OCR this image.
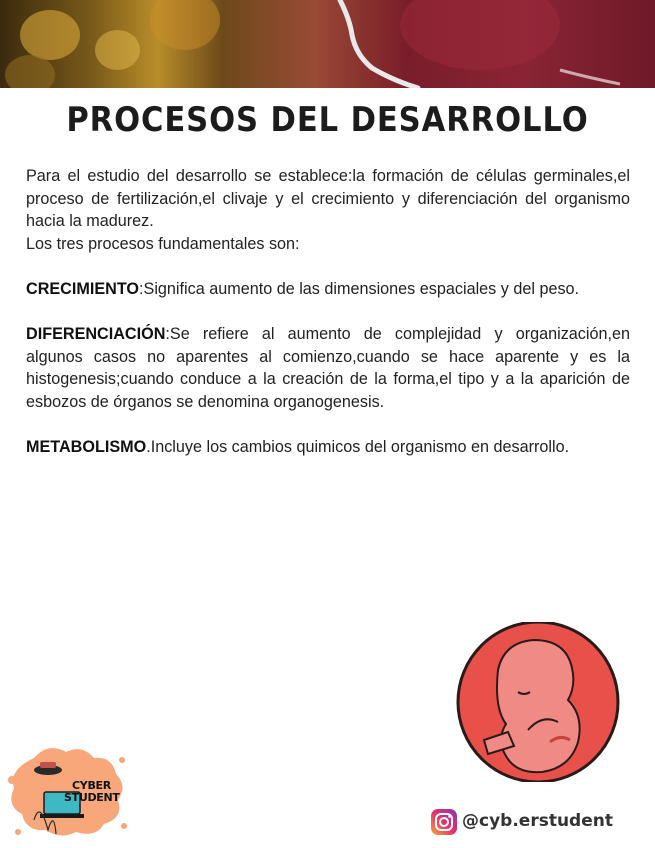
PROCESOS DEL DESARROLLO

Para el estudio del desarrollo se establece:la formación de células germinales,el proceso de fertilización,el clivaje y el crecimiento y diferenciación del organismo hacia la madurez.

Los tres procesos fundamentales son:

CRECIMIENTO:Significa aumento de las dimensiones espaciales y del peso.

DIFERENCIACIÓN:Se refiere al aumento de complejidad y organización,en algunos casos no aparentes al comienzo,cuando se hace aparente y es la histogenesis;cuando conduce a la creación de la forma,el tipo y a la aparición de esbozos de órganos se denomina organogenesis.

METABOLISMO.Incluye los cambios quimicos del organismo en desarrollo.

CYBER
STUDENT
@cyb.erstudent
